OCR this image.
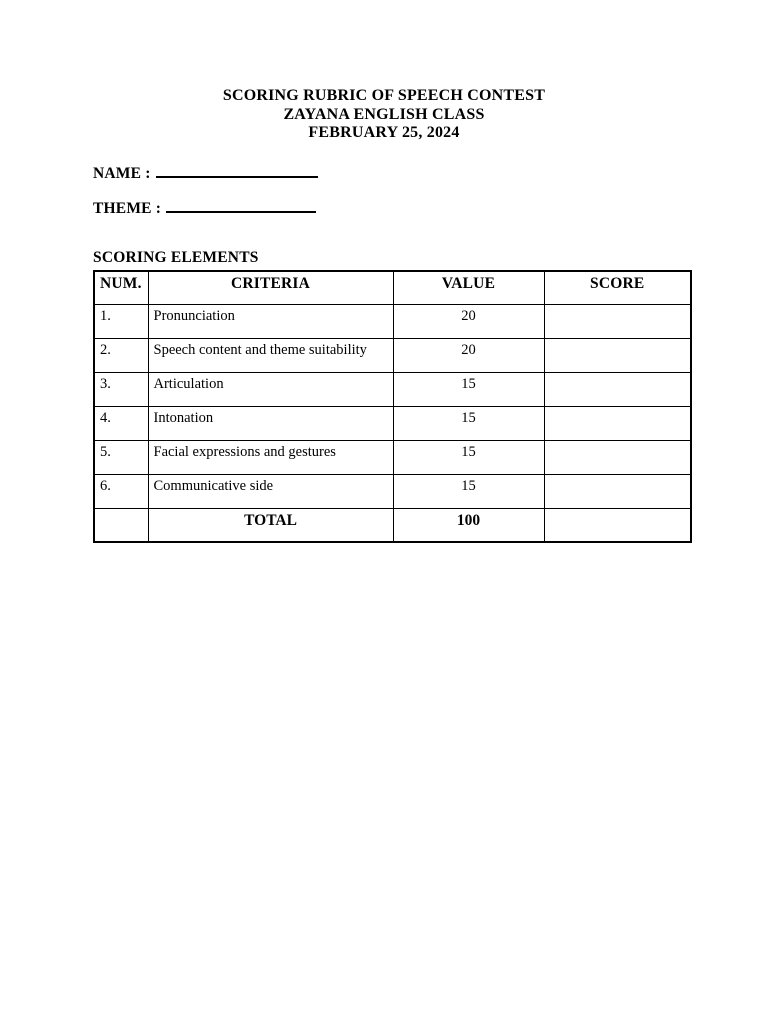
SCORING RUBRIC OF SPEECH CONTEST
ZAYANA ENGLISH CLASS
FEBRUARY 25, 2024
NAME :
THEME :
SCORING ELEMENTS
NUM.	CRITERIA	VALUE	SCORE
1.	Pronunciation	20	
2.	Speech content and theme suitability	20	
3.	Articulation	15	
4.	Intonation	15	
5.	Facial expressions and gestures	15	
6.	Communicative side	15	
	TOTAL	100	
